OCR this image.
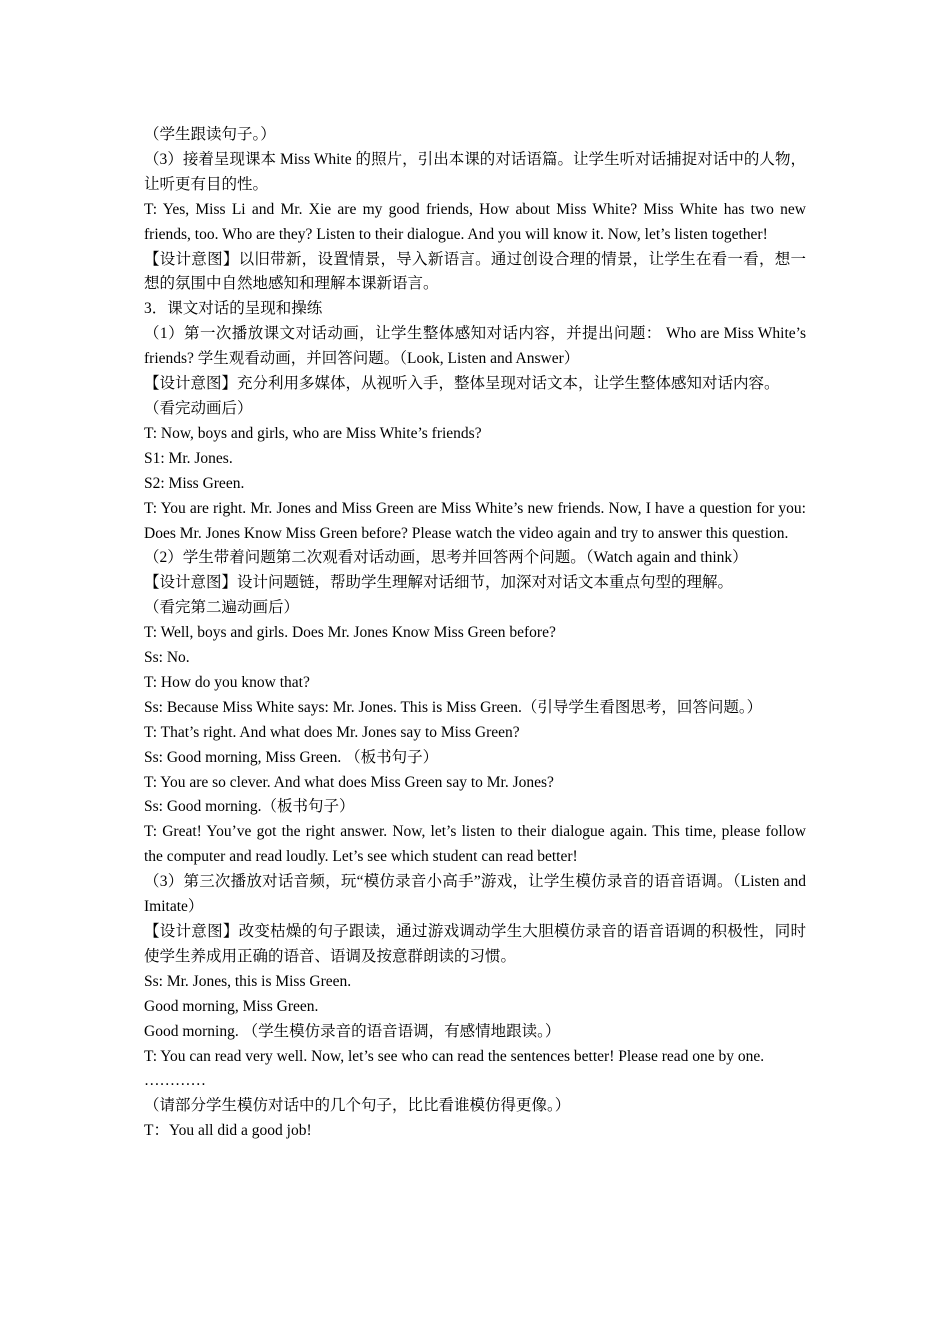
（学生跟读句子。）

（3）接着呈现课本 Miss White 的照片，引出本课的对话语篇。让学生听对话捕捉对话中的人物，让听更有目的性。

T: Yes, Miss Li and Mr. Xie are my good friends, How about Miss White? Miss White has two new friends, too. Who are they? Listen to their dialogue. And you will know it. Now, let’s listen together!

【设计意图】以旧带新，设置情景，导入新语言。通过创设合理的情景，让学生在看一看，想一想的氛围中自然地感知和理解本课新语言。

3．课文对话的呈现和操练

（1）第一次播放课文对话动画，让学生整体感知对话内容，并提出问题： Who are Miss White’s friends? 学生观看动画，并回答问题。（Look, Listen and Answer）

【设计意图】充分利用多媒体，从视听入手，整体呈现对话文本，让学生整体感知对话内容。

（看完动画后）

T: Now, boys and girls, who are Miss White’s friends?

S1: Mr. Jones.

S2: Miss Green.

T: You are right. Mr. Jones and Miss Green are Miss White’s new friends. Now, I have a question for you: Does Mr. Jones Know Miss Green before? Please watch the video again and try to answer this question.

（2）学生带着问题第二次观看对话动画，思考并回答两个问题。（Watch again and think）

【设计意图】设计问题链，帮助学生理解对话细节，加深对对话文本重点句型的理解。

（看完第二遍动画后）

T: Well, boys and girls. Does Mr. Jones Know Miss Green before?

Ss: No.

T: How do you know that?

Ss: Because Miss White says: Mr. Jones. This is Miss Green.（引导学生看图思考，回答问题。）

T: That’s right. And what does Mr. Jones say to Miss Green?

Ss: Good morning, Miss Green. （板书句子）

T: You are so clever. And what does Miss Green say to Mr. Jones?

Ss: Good morning.（板书句子）

T: Great! You’ve got the right answer. Now, let’s listen to their dialogue again. This time, please follow the computer and read loudly. Let’s see which student can read better!

（3）第三次播放对话音频，玩“模仿录音小高手”游戏，让学生模仿录音的语音语调。（Listen and Imitate）

【设计意图】改变枯燥的句子跟读，通过游戏调动学生大胆模仿录音的语音语调的积极性，同时使学生养成用正确的语音、语调及按意群朗读的习惯。

Ss: Mr. Jones, this is Miss Green.

Good morning, Miss Green.

Good morning. （学生模仿录音的语音语调，有感情地跟读。）

T: You can read very well. Now, let’s see who can read the sentences better! Please read one by one.

…………

（请部分学生模仿对话中的几个句子，比比看谁模仿得更像。）

T：You all did a good job!
